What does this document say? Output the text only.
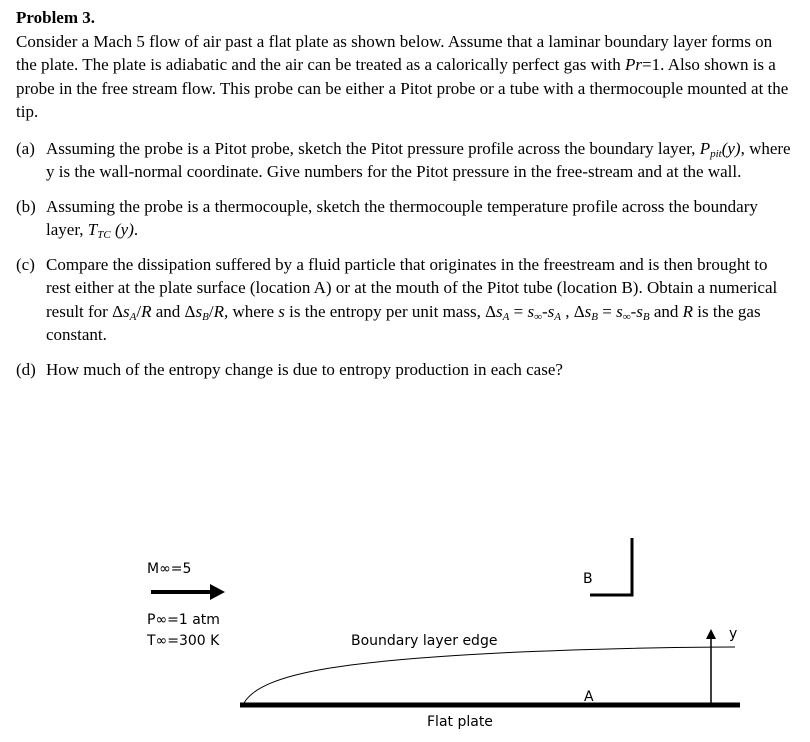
Problem 3.

Consider a Mach 5 flow of air past a flat plate as shown below. Assume that a laminar boundary layer forms on the plate. The plate is adiabatic and the air can be treated as a calorically perfect gas with Pr=1. Also shown is a probe in the free stream flow. This probe can be either a Pitot probe or a tube with a thermocouple mounted at the tip.

(a) Assuming the probe is a Pitot probe, sketch the Pitot pressure profile across the boundary layer, $P_{pit}(y)$, where y is the wall-normal coordinate. Give numbers for the Pitot pressure in the free-stream and at the wall.

(b) Assuming the probe is a thermocouple, sketch the thermocouple temperature profile across the boundary layer, $T_{TC}$ (y).

(c) Compare the dissipation suffered by a fluid particle that originates in the freestream and is then brought to rest either at the plate surface (location A) or at the mouth of the Pitot tube (location B). Obtain a numerical result for $\Delta s_A/R$ and $\Delta s_B/R$, where s is the entropy per unit mass, $\Delta s_A = s_\infty-s_A$ , $\Delta s_B = s_\infty-s_B$ and R is the gas constant.

(d) How much of the entropy change is due to entropy production in each case?

M∞=5
P∞=1 atm
T∞=300 K
B
Boundary layer edge	y
A
Flat plate
